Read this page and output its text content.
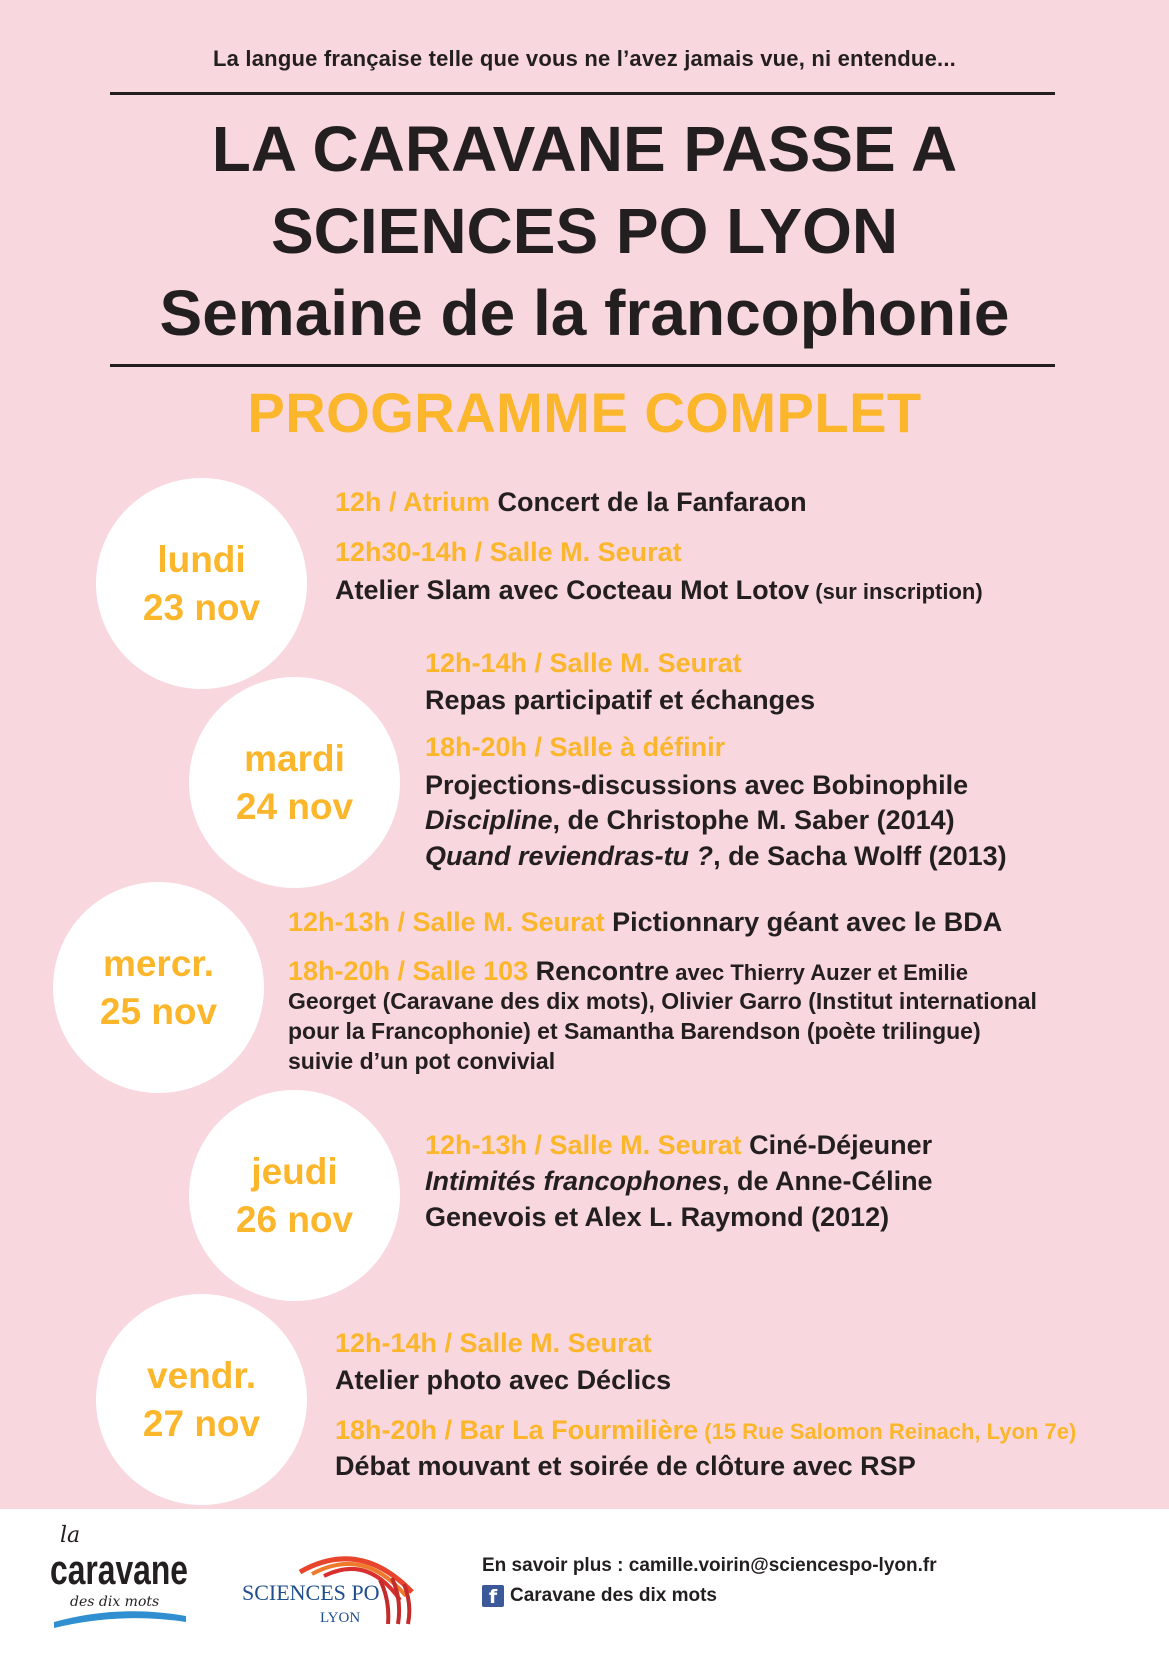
La langue française telle que vous ne l’avez jamais vue, ni entendue...
LA CARAVANE PASSE A
SCIENCES PO LYON
Semaine de la francophonie
PROGRAMME COMPLET
lundi
23 nov
mardi
24 nov
mercr.
25 nov
jeudi
26 nov
vendr.
27 nov
12h / Atrium Concert de la Fanfaraon
12h30-14h / Salle M. Seurat
Atelier Slam avec Cocteau Mot Lotov (sur inscription)
12h-14h / Salle M. Seurat
Repas participatif et échanges
18h-20h / Salle à définir
Projections-discussions avec Bobinophile
Discipline, de Christophe M. Saber (2014)
Quand reviendras-tu ?, de Sacha Wolff (2013)
12h-13h / Salle M. Seurat Pictionnary géant avec le BDA
18h-20h / Salle 103 Rencontre avec Thierry Auzer et Emilie
Georget (Caravane des dix mots), Olivier Garro (Institut international
pour la Francophonie) et Samantha Barendson (poète trilingue)
suivie d’un pot convivial
12h-13h / Salle M. Seurat Ciné-Déjeuner
Intimités francophones, de Anne-Céline
Genevois et Alex L. Raymond (2012)
12h-14h / Salle M. Seurat
Atelier photo avec Déclics
18h-20h / Bar La Fourmilière (15 Rue Salomon Reinach, Lyon 7e)
Débat mouvant et soirée de clôture avec RSP
la
caravane
des dix mots	SCIENCES PO
LYON
En savoir plus : camille.voirin@sciencespo-lyon.fr
f Caravane des dix mots
